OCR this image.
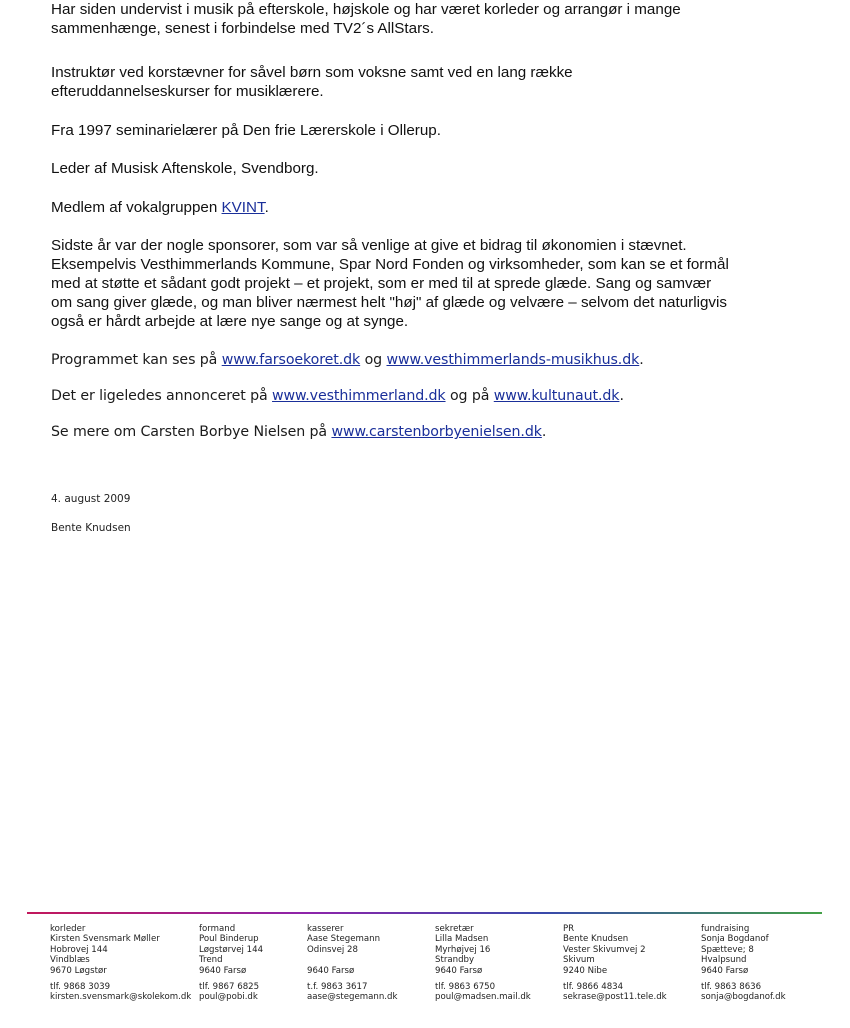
Har siden undervist i musik på efterskole, højskole og har været korleder og arrangør i mange

sammenhænge, senest i forbindelse med TV2´s AllStars.

Instruktør ved korstævner for såvel børn som voksne samt ved en lang række

efteruddannelseskurser for musiklærere.

Fra 1997 seminarielærer på Den frie Lærerskole i Ollerup.

Leder af Musisk Aftenskole, Svendborg.

Medlem af vokalgruppen KVINT.

Sidste år var der nogle sponsorer, som var så venlige at give et bidrag til økonomien i stævnet.

Eksempelvis Vesthimmerlands Kommune, Spar Nord Fonden og virksomheder, som kan se et formål

med at støtte et sådant godt projekt – et projekt, som er med til at sprede glæde. Sang og samvær

om sang giver glæde, og man bliver nærmest helt "høj" af glæde og velvære – selvom det naturligvis

også er hårdt arbejde at lære nye sange og at synge.

Programmet kan ses på www.farsoekoret.dk og www.vesthimmerlands-musikhus.dk.
Det er ligeledes annonceret på www.vesthimmerland.dk og på www.kultunaut.dk.
Se mere om Carsten Borbye Nielsen på www.carstenborbyenielsen.dk.
4. august 2009
Bente Knudsen
korleder
Kirsten Svensmark Møller
Hobrovej 144
Vindblæs
9670 Løgstør
tlf. 9868 3039
kirsten.svensmark@skolekom.dk
formand
Poul Binderup
Løgstørvej 144
Trend
9640 Farsø
tlf. 9867 6825
poul@pobi.dk
kasserer
Aase Stegemann
Odinsvej 28
9640 Farsø
t.f. 9863 3617
aase@stegemann.dk
sekretær
Lilla Madsen
Myrhøjvej 16
Strandby
9640 Farsø
tlf. 9863 6750
poul@madsen.mail.dk
PR
Bente Knudsen
Vester Skivumvej 2
Skivum
9240 Nibe
tlf. 9866 4834
sekrase@post11.tele.dk
fundraising
Sonja Bogdanof
Spætteve; 8
Hvalpsund
9640 Farsø
tlf. 9863 8636
sonja@bogdanof.dk
